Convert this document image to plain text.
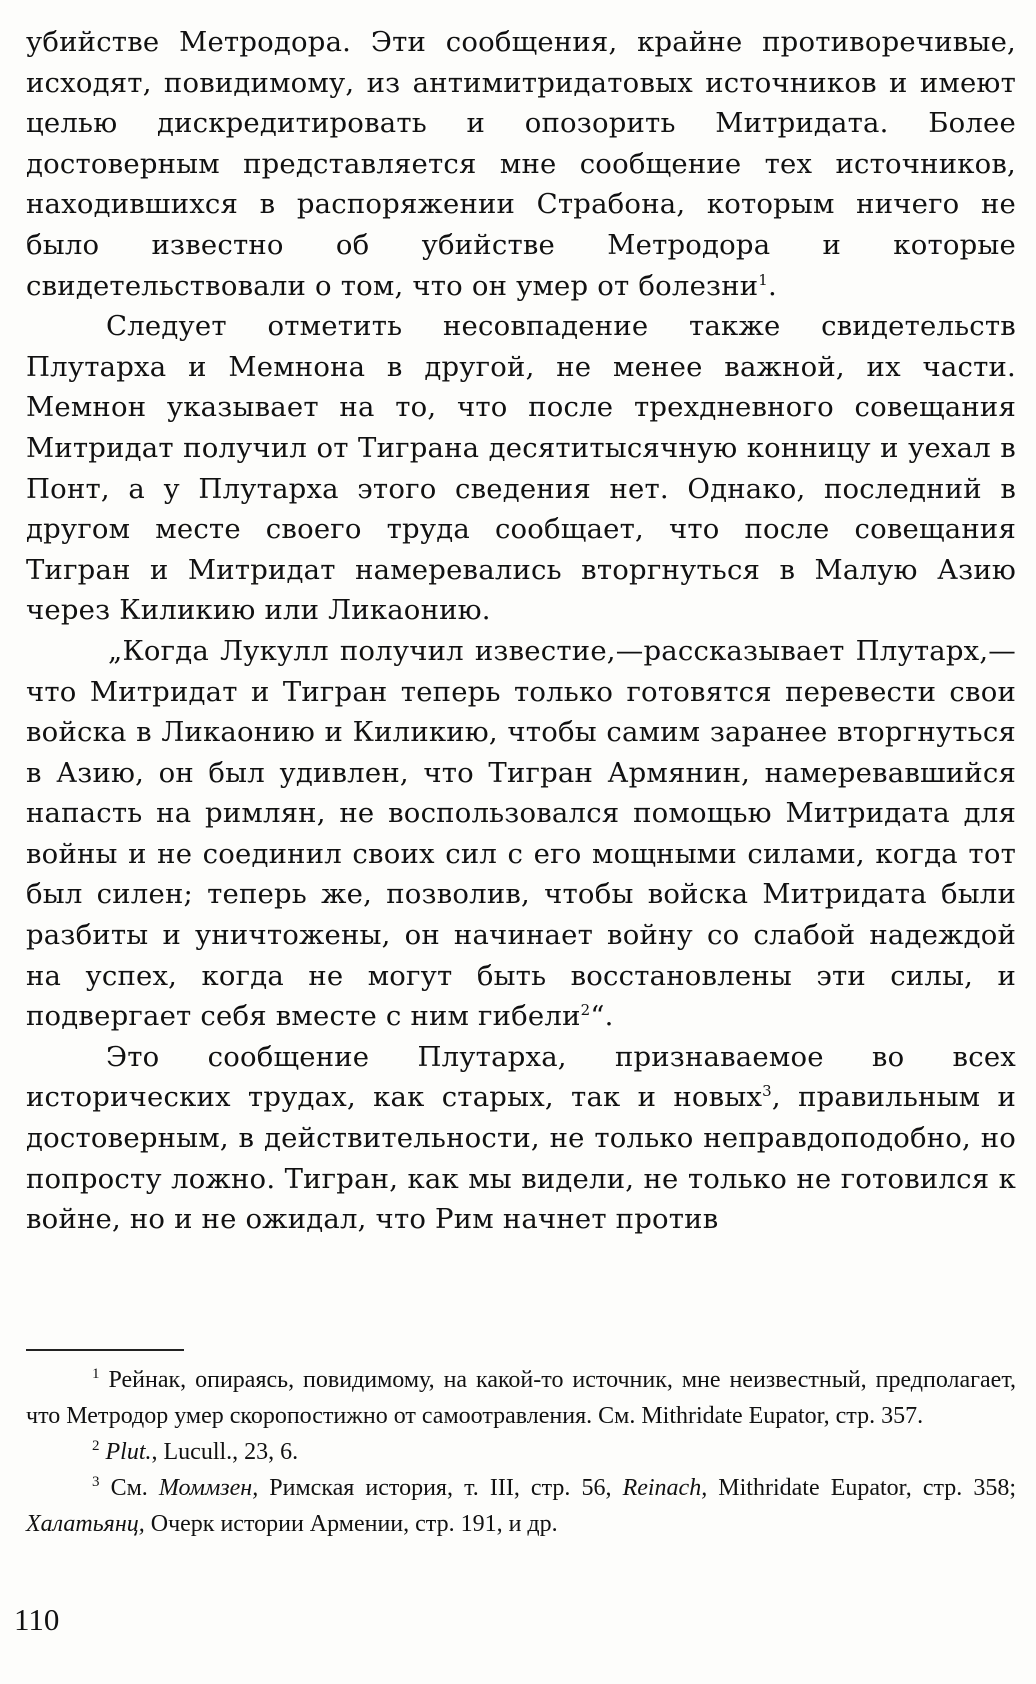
убийстве Метродора. Эти сообщения, крайне противоречивые, исходят, повидимому, из антимитридатовых источников и имеют целью дискредитировать и опозорить Митридата. Более достоверным представляется мне сообщение тех источников, находившихся в распоряжении Страбона, которым ничего не было известно об убийстве Метродора и которые свидетельствовали о том, что он умер от болезни$^1$.

Следует отметить несовпадение также свидетельств Плутарха и Мемнона в другой, не менее важной, их части. Мемнон указывает на то, что после трехдневного совещания Митридат получил от Тиграна десятитысячную конницу и уехал в Понт, а у Плутарха этого сведения нет. Однако, последний в другом месте своего труда сообщает, что после совещания Тигран и Митридат намеревались вторгнуться в Малую Азию через Киликию или Ликаонию.

„Когда Лукулл получил известие,—рассказывает Плутарх,—что Митридат и Тигран теперь только готовятся перевести свои войска в Ликаонию и Киликию, чтобы самим заранее вторгнуться в Азию, он был удивлен, что Тигран Армянин, намеревавшийся напасть на римлян, не воспользовался помощью Митридата для войны и не соединил своих сил с его мощными силами, когда тот был силен; теперь же, позволив, чтобы войска Митридата были разбиты и уничтожены, он начинает войну со слабой надеждой на успех, когда не могут быть восстановлены эти силы, и подвергает себя вместе с ним гибели$^2$“.

Это сообщение Плутарха, признаваемое во всех исторических трудах, как старых, так и новых$^3$, правильным и достоверным, в действительности, не только неправдоподобно, но попросту ложно. Тигран, как мы видели, не только не готовился к войне, но и не ожидал, что Рим начнет против

$^1$ Рейнак, опираясь, повидимому, на какой-то источник, мне неизвестный, предполагает, что Метродор умер скоропостижно от самоотравления. См. Mithridate Eupator, стр. 357.

$^2$ Plut., Lucull., 23, 6.

$^3$ См. Моммзен, Римская история, т. III, стр. 56, Reinach, Mithridate Eupator, стр. 358; Халатьянц, Очерк истории Армении, стр. 191, и др.

110
